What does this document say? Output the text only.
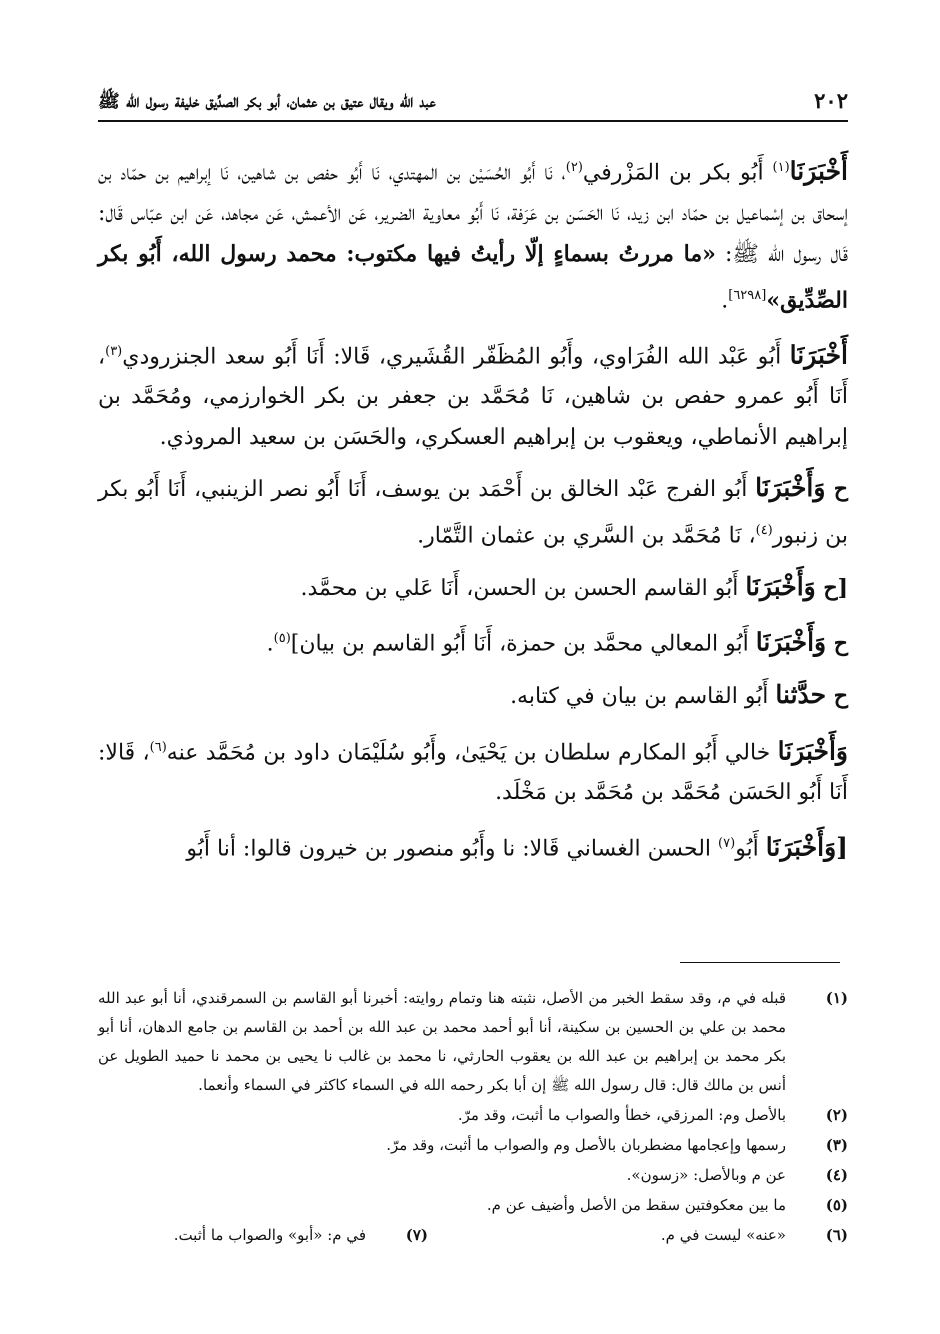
٢٠٢
عبد الله ويقال عتيق بن عثمان، أبو بكر الصدِّيق خليفة رسول الله ﷺ

أَخْبَرَنَا$^{(١)}$ أَبُو بكر بن المَزْرفي$^{(٢)}$، نَا أَبُو الحُسَيْن بن المهتدي، نَا أَبُو حفص بن شاهين، نَا إبراهيم بن حمّاد بن إسحاق بن إسْماعيل بن حمّاد ابن زيد، نَا الحَسَن بن عَرَفة، نَا أَبُو معاوية الضرير، عَن الأعمش، عَن مجاهد، عَن ابن عبّاس قَال: قَال رسول الله ﷺ: «ما مررتُ بسماءٍ إلّا رأيتُ فيها مكتوب: محمد رسول الله، أَبُو بكر الصِّدِّيق»[٦٢٩٨].

أَخْبَرَنَا أَبُو عَبْد الله الفُرَاوي، وأَبُو المُظَفّر القُشَيري، قَالا: أَنَا أَبُو سعد الجنزرودي$^{(٣)}$، أَنَا أَبُو عمرو حفص بن شاهين، نَا مُحَمَّد بن جعفر بن بكر الخوارزمي، ومُحَمَّد بن إبراهيم الأنماطي، ويعقوب بن إبراهيم العسكري، والحَسَن بن سعيد المروذي.

ح وَأَخْبَرَنَا أَبُو الفرج عَبْد الخالق بن أَحْمَد بن يوسف، أَنَا أَبُو نصر الزينبي، أَنَا أَبُو بكر بن زنبور$^{(٤)}$، نَا مُحَمَّد بن السَّري بن عثمان التَّمّار.

[ح وَأَخْبَرَنَا أَبُو القاسم الحسن بن الحسن، أَنَا عَلي بن محمَّد.

ح وَأَخْبَرَنَا أَبُو المعالي محمَّد بن حمزة، أَنَا أَبُو القاسم بن بيان]$^{(٥)}$.

ح حدَّثنا أَبُو القاسم بن بيان في كتابه.

وَأَخْبَرَنَا خالي أَبُو المكارم سلطان بن يَحْيَىٰ، وأَبُو سُلَيْمَان داود بن مُحَمَّد عنه$^{(٦)}$، قَالا: أَنَا أَبُو الحَسَن مُحَمَّد بن مُحَمَّد بن مَخْلَد.

[وَأَخْبَرَنَا أَبُو$^{(٧)}$ الحسن الغساني قَالا: نا وأَبُو منصور بن خيرون قالوا: أنا أَبُو

(١)
قبله في م، وقد سقط الخبر من الأصل، نثبته هنا وتمام روايته: أخبرنا أبو القاسم بن السمرقندي، أنا أبو عبد الله محمد بن علي بن الحسين بن سكينة، أنا أبو أحمد محمد بن عبد الله بن أحمد بن القاسم بن جامع الدهان، أنا أبو بكر محمد بن إبراهيم بن عبد الله بن يعقوب الحارثي، نا محمد بن غالب نا يحيى بن محمد نا حميد الطويل عن أنس بن مالك قال: قال رسول الله ﷺ إن أبا بكر رحمه الله في السماء كاكثر في السماء وأنعما.
(٢)
بالأصل وم: المرزقي، خطأ والصواب ما أثبت، وقد مرّ.
(٣)
رسمها وإعجامها مضطربان بالأصل وم والصواب ما أثبت، وقد مرّ.
(٤)
عن م وبالأصل: «زسون».
(٥)
ما بين معكوفتين سقط من الأصل وأضيف عن م.
(٦)
«عنه» ليست في م.
(٧)
في م: «أبو» والصواب ما أثبت.
